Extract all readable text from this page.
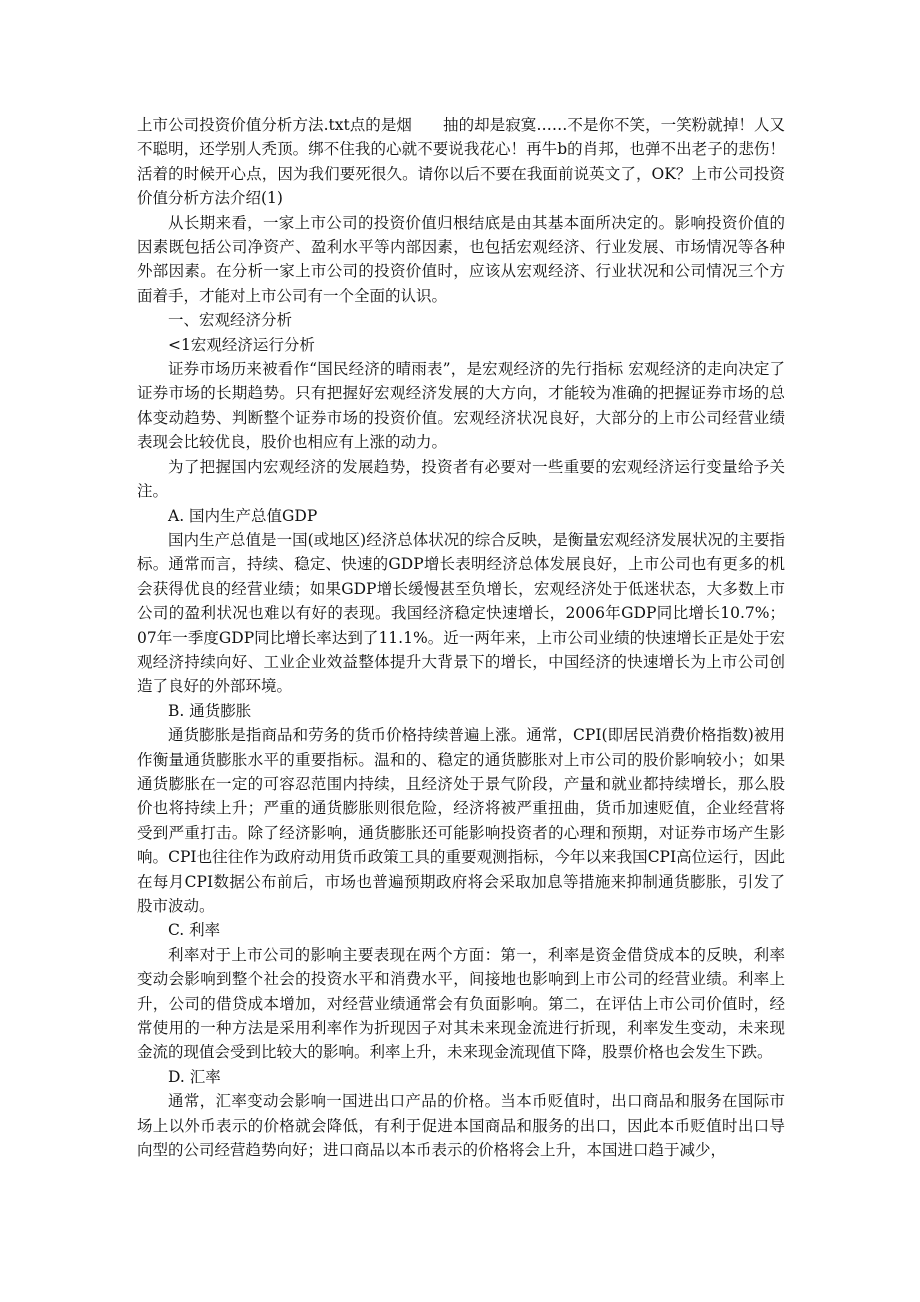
上市公司投资价值分析方法.txt点的是烟　　抽的却是寂寞……不是你不笑，一笑粉就掉！人又不聪明，还学别人秃顶。绑不住我的心就不要说我花心！再牛b的肖邦，也弹不出老子的悲伤！活着的时候开心点，因为我们要死很久。请你以后不要在我面前说英文了，OK？上市公司投资价值分析方法介绍(1)

从长期来看，一家上市公司的投资价值归根结底是由其基本面所决定的。影响投资价值的因素既包括公司净资产、盈利水平等内部因素，也包括宏观经济、行业发展、市场情况等各种外部因素。在分析一家上市公司的投资价值时，应该从宏观经济、行业状况和公司情况三个方面着手，才能对上市公司有一个全面的认识。

一、宏观经济分析

<1宏观经济运行分析

证券市场历来被看作“国民经济的晴雨表”，是宏观经济的先行指标 宏观经济的走向决定了证券市场的长期趋势。只有把握好宏观经济发展的大方向，才能较为准确的把握证券市场的总体变动趋势、判断整个证券市场的投资价值。宏观经济状况良好，大部分的上市公司经营业绩表现会比较优良，股价也相应有上涨的动力。

为了把握国内宏观经济的发展趋势，投资者有必要对一些重要的宏观经济运行变量给予关注。

A. 国内生产总值GDP

国内生产总值是一国(或地区)经济总体状况的综合反映，是衡量宏观经济发展状况的主要指标。通常而言，持续、稳定、快速的GDP增长表明经济总体发展良好，上市公司也有更多的机会获得优良的经营业绩；如果GDP增长缓慢甚至负增长，宏观经济处于低迷状态，大多数上市公司的盈利状况也难以有好的表现。我国经济稳定快速增长，2006年GDP同比增长10.7%；07年一季度GDP同比增长率达到了11.1%。近一两年来，上市公司业绩的快速增长正是处于宏观经济持续向好、工业企业效益整体提升大背景下的增长，中国经济的快速增长为上市公司创造了良好的外部环境。

B. 通货膨胀

通货膨胀是指商品和劳务的货币价格持续普遍上涨。通常，CPI(即居民消费价格指数)被用作衡量通货膨胀水平的重要指标。温和的、稳定的通货膨胀对上市公司的股价影响较小；如果通货膨胀在一定的可容忍范围内持续，且经济处于景气阶段，产量和就业都持续增长，那么股价也将持续上升；严重的通货膨胀则很危险，经济将被严重扭曲，货币加速贬值，企业经营将受到严重打击。除了经济影响，通货膨胀还可能影响投资者的心理和预期，对证券市场产生影响。CPI也往往作为政府动用货币政策工具的重要观测指标，今年以来我国CPI高位运行，因此在每月CPI数据公布前后，市场也普遍预期政府将会采取加息等措施来抑制通货膨胀，引发了股市波动。

C. 利率

利率对于上市公司的影响主要表现在两个方面：第一，利率是资金借贷成本的反映，利率变动会影响到整个社会的投资水平和消费水平，间接地也影响到上市公司的经营业绩。利率上升，公司的借贷成本增加，对经营业绩通常会有负面影响。第二，在评估上市公司价值时，经常使用的一种方法是采用利率作为折现因子对其未来现金流进行折现，利率发生变动，未来现金流的现值会受到比较大的影响。利率上升，未来现金流现值下降，股票价格也会发生下跌。

D. 汇率

通常，汇率变动会影响一国进出口产品的价格。当本币贬值时，出口商品和服务在国际市场上以外币表示的价格就会降低，有利于促进本国商品和服务的出口，因此本币贬值时出口导向型的公司经营趋势向好；进口商品以本币表示的价格将会上升，本国进口趋于减少，
